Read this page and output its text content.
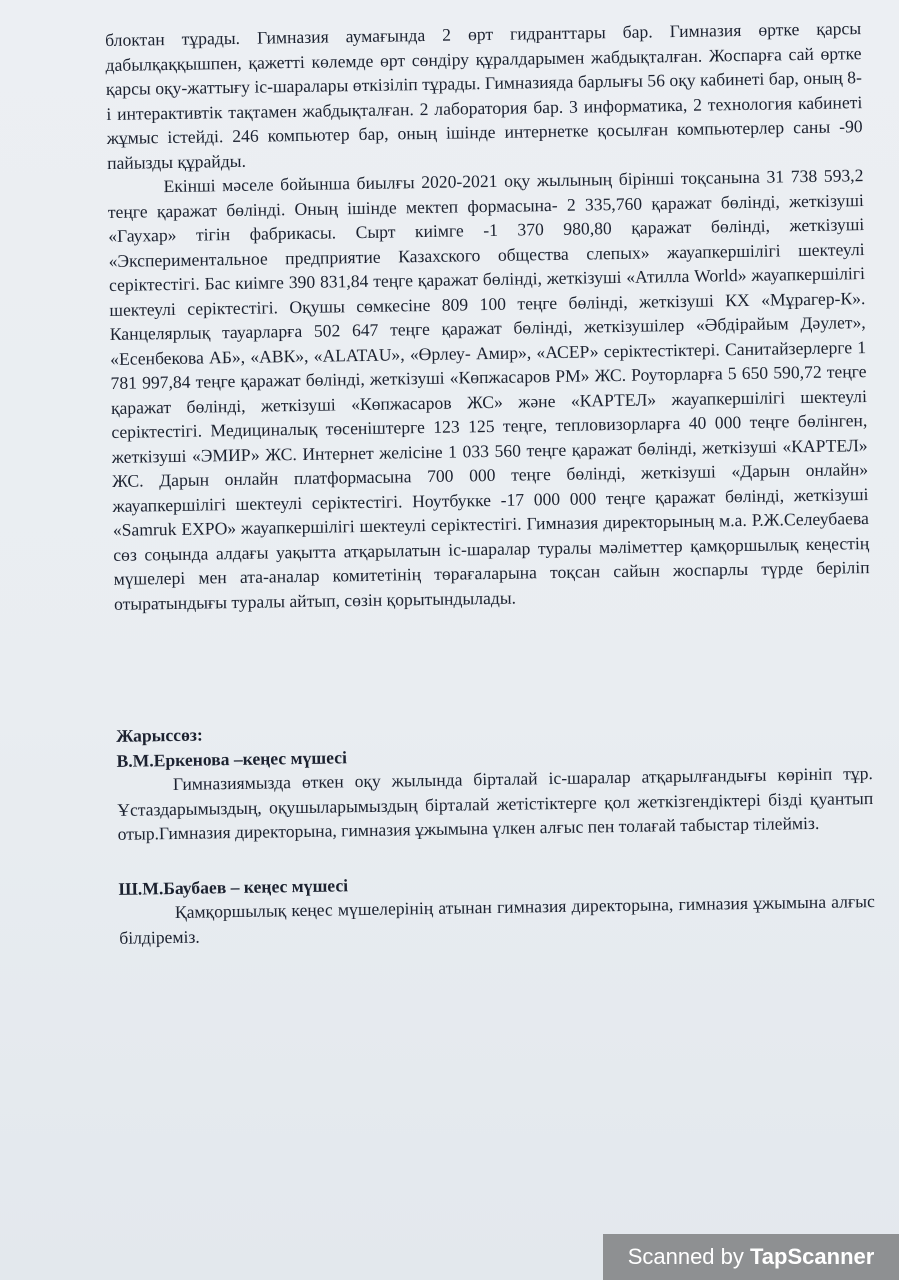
блоктан тұрады. Гимназия аумағында 2 өрт гидранттары бар. Гимназия өртке қарсы дабылқаққышпен, қажетті көлемде өрт сөндіру құралдарымен жабдықталған. Жоспарға сай өртке қарсы оқу-жаттығу іс-шаралары өткізіліп тұрады. Гимназияда барлығы 56 оқу кабинеті бар, оның 8-і интерактивтік тақтамен жабдықталған. 2 лаборатория бар. 3 информатика, 2 технология кабинеті жұмыс істейді. 246 компьютер бар, оның ішінде интернетке қосылған компьютерлер саны -90 пайызды құрайды.

Екінші мәселе бойынша биылғы 2020-2021 оқу жылының бірінші тоқсанына 31 738 593,2 теңге қаражат бөлінді. Оның ішінде мектеп формасына- 2 335,760 қаражат бөлінді, жеткізуші «Гаухар» тігін фабрикасы. Сырт киімге -1 370 980,80 қаражат бөлінді, жеткізуші «Экспериментальное предприятие Казахского общества слепых» жауапкершілігі шектеулі серіктестігі. Бас киімге 390 831,84 теңге қаражат бөлінді, жеткізуші «Атилла World» жауапкершілігі шектеулі серіктестігі. Оқушы сөмкесіне 809 100 теңге бөлінді, жеткізуші КХ «Мұрагер-К». Канцелярлық тауарларға 502 647 теңге қаражат бөлінді, жеткізушілер «Әбдірайым Дәулет», «Есенбекова АБ», «АВК», «ALATAU», «Өрлеу- Амир», «АСЕР» серіктестіктері. Санитайзерлерге 1 781 997,84 теңге қаражат бөлінді, жеткізуші «Көпжасаров РМ» ЖС. Роуторларға 5 650 590,72 теңге қаражат бөлінді, жеткізуші «Көпжасаров ЖС» және «КАРТЕЛ» жауапкершілігі шектеулі серіктестігі. Медициналық төсеніштерге 123 125 теңге, тепловизорларға 40 000 теңге бөлінген, жеткізуші «ЭМИР» ЖС. Интернет желісіне 1 033 560 теңге қаражат бөлінді, жеткізуші «КАРТЕЛ» ЖС. Дарын онлайн платформасына 700 000 теңге бөлінді, жеткізуші «Дарын онлайн» жауапкершілігі шектеулі серіктестігі. Ноутбукке -17 000 000 теңге қаражат бөлінді, жеткізуші «Samruk EXPO» жауапкершілігі шектеулі серіктестігі. Гимназия директорының м.а. Р.Ж.Селеубаева сөз соңында алдағы уақытта атқарылатын іс-шаралар туралы мәліметтер қамқоршылық кеңестің мүшелері мен ата-аналар комитетінің төрағаларына тоқсан сайын жоспарлы түрде беріліп отыратындығы туралы айтып, сөзін қорытындылады.

Жарыссөз:

В.М.Еркенова –кеңес мүшесі

Гимназиямызда өткен оқу жылында бірталай іс-шаралар атқарылғандығы көрініп тұр. Ұстаздарымыздың, оқушыларымыздың бірталай жетістіктерге қол жеткізгендіктері бізді қуантып отыр.Гимназия директорына, гимназия ұжымына үлкен алғыс пен толағай табыстар тілейміз.

Ш.М.Баубаев – кеңес мүшесі

Қамқоршылық кеңес мүшелерінің атынан гимназия директорына, гимназия ұжымына алғыс білдіреміз.

Scanned by TapScanner
